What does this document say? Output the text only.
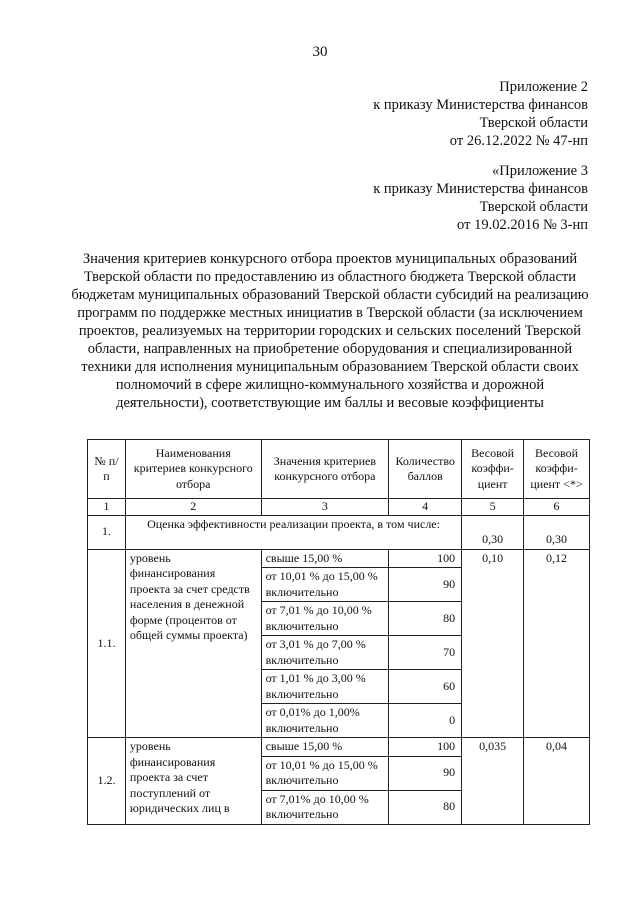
30
Приложение 2
к приказу Министерства финансов
Тверской области
от 26.12.2022 № 47-нп
«Приложение 3
к приказу Министерства финансов
Тверской области
от 19.02.2016 № 3-нп
Значения критериев конкурсного отбора проектов муниципальных образований Тверской области по предоставлению из областного бюджета Тверской области бюджетам муниципальных образований Тверской области субсидий на реализацию программ по поддержке местных инициатив в Тверской области (за исключением проектов, реализуемых на территории городских и сельских поселений Тверской области, направленных на приобретение оборудования и специализированной техники для исполнения муниципальным образованием Тверской области своих полномочий в сфере жилищно-коммунального хозяйства и дорожной деятельности), соответствующие им баллы и весовые коэффициенты
№ п/п	Наименования критериев конкурсного отбора	Значения критериев конкурсного отбора	Количество баллов	Весовой коэффи-циент	Весовой коэффи-циент <*>
1	2	3	4	5	6
1.	Оценка эффективности реализации проекта, в том числе:			0,30	0,30
1.1.	уровень финансирования проекта за счет средств населения в денежной форме (процентов от общей суммы проекта)	свыше 15,00 %	100	0,10	0,12
		от 10,01 % до 15,00 % включительно	90		
		от 7,01 % до 10,00 % включительно	80		
		от 3,01 % до 7,00 % включительно	70		
		от 1,01 % до 3,00 % включительно	60		
		от 0,01% до 1,00% включительно	0		
1.2.	уровень финансирования проекта за счет поступлений от юридических лиц в	свыше 15,00 %	100	0,035	0,04
		от 10,01 % до 15,00 % включительно	90		
		от 7,01% до 10,00 % включительно	80		
